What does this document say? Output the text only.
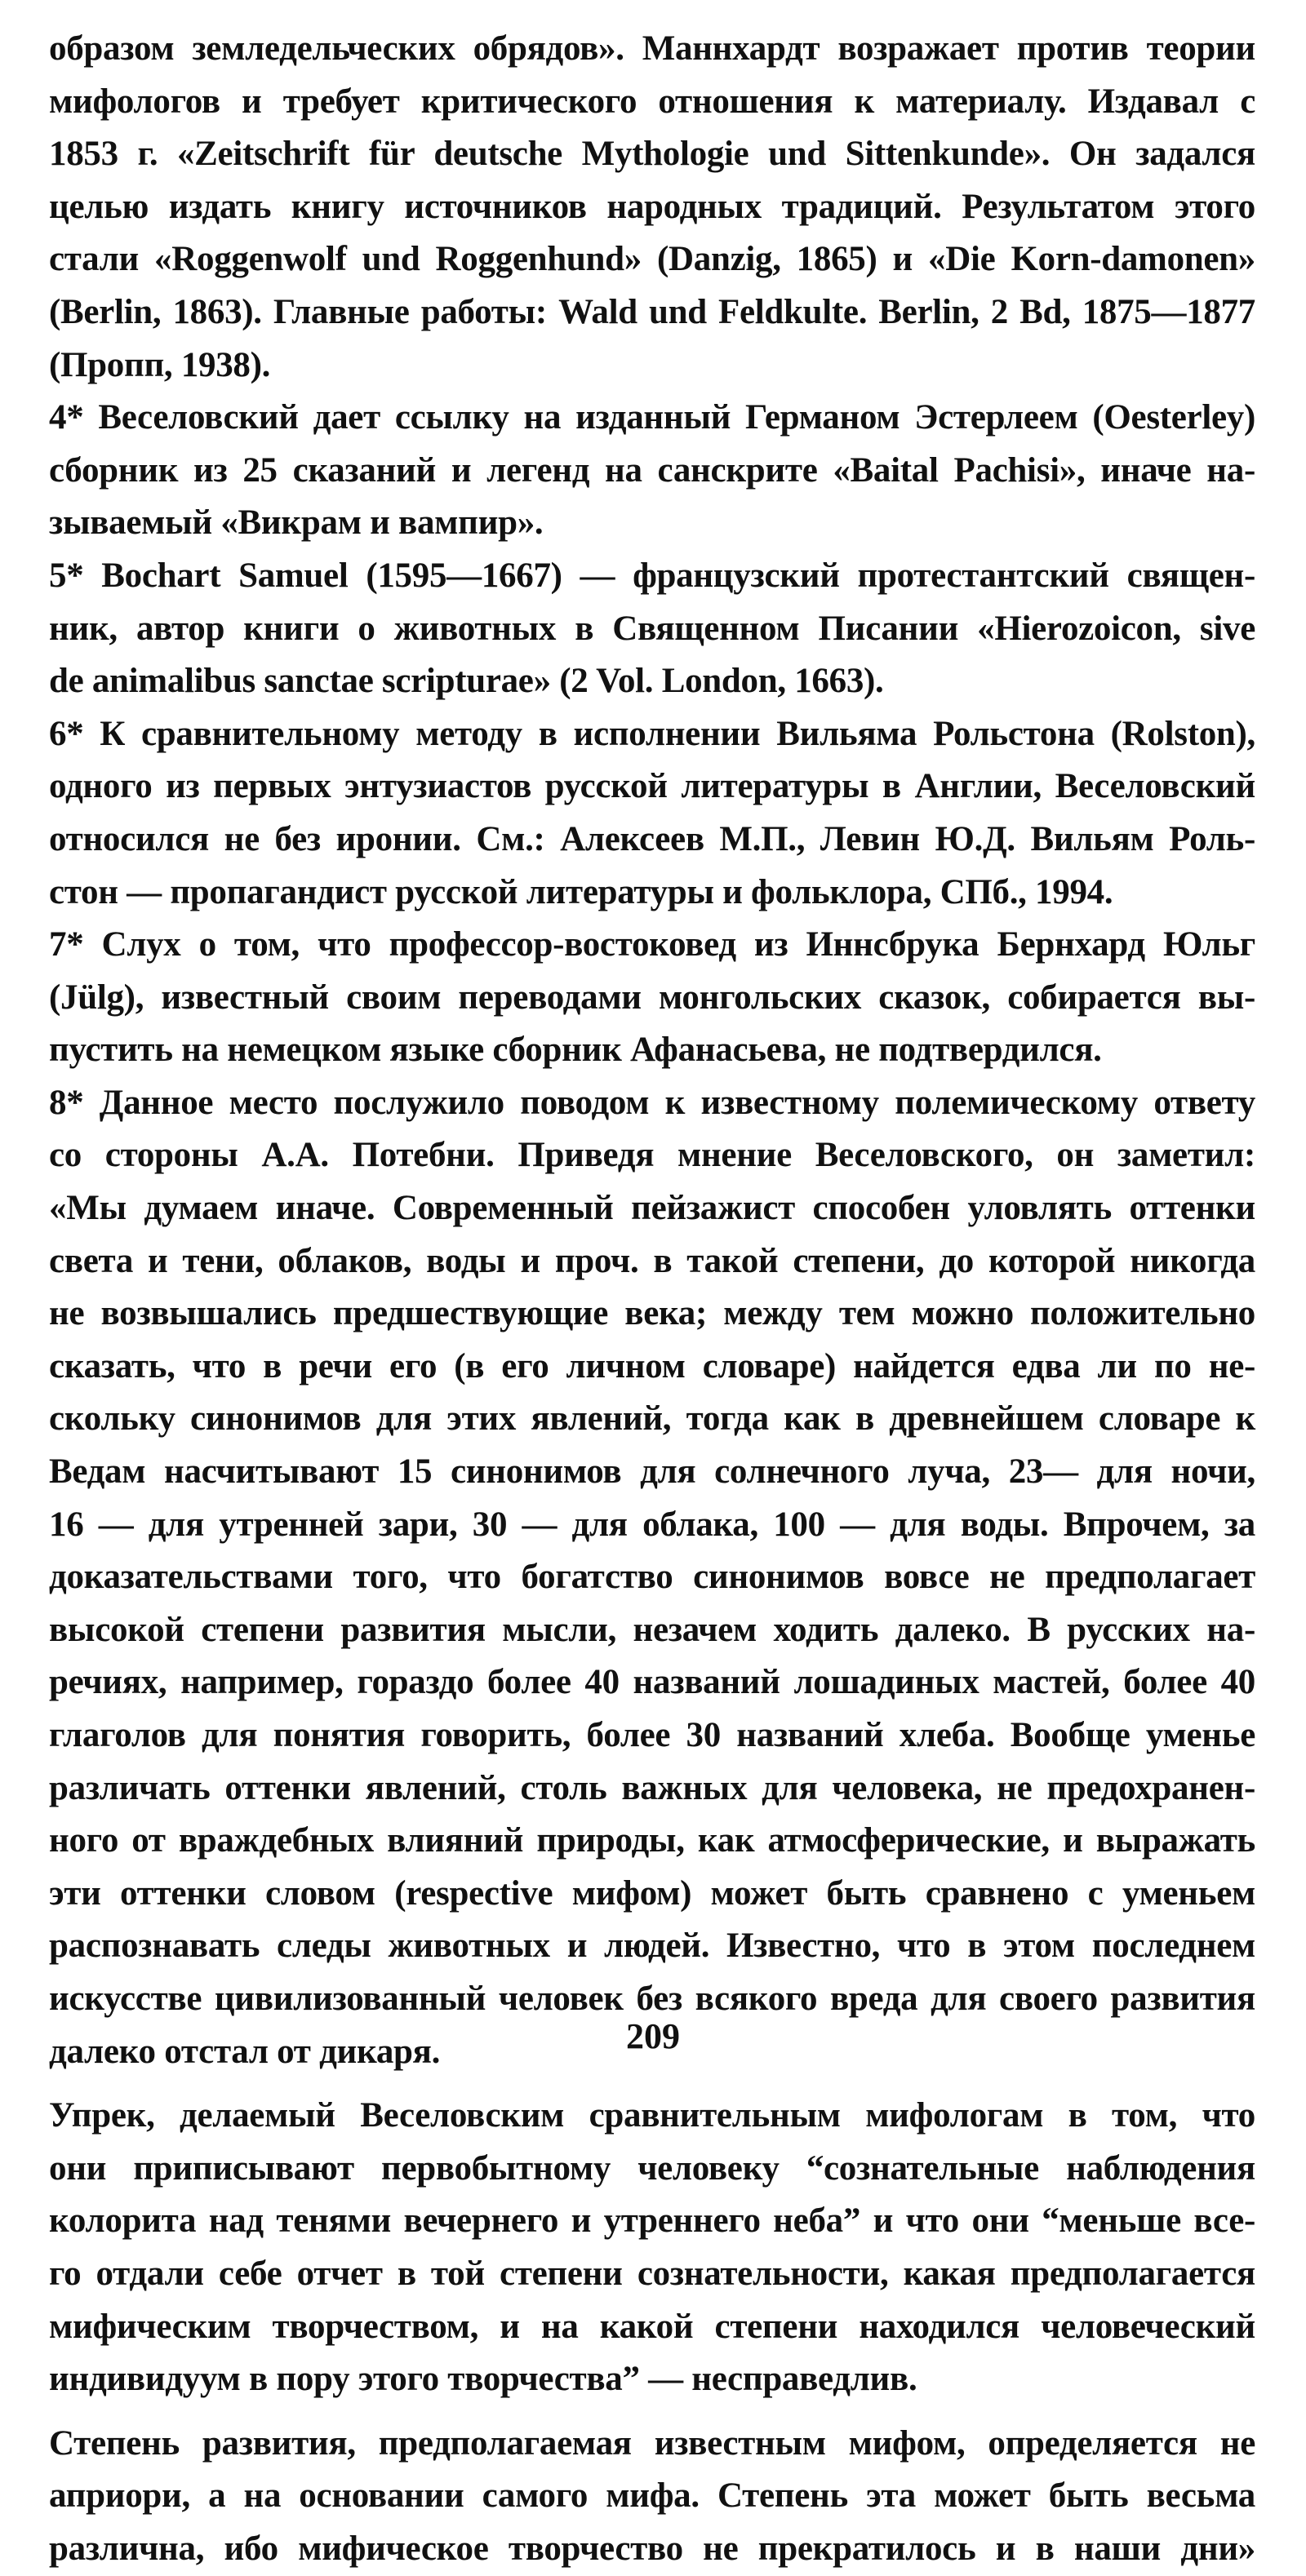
образом земледельческих обрядов». Маннхардт возражает против теории
мифологов и требует критического отношения к материалу. Издавал с
1853 г. «Zeitschrift für deutsche Mythologie und Sittenkunde». Он задался
целью издать книгу источников народных традиций. Результатом этого
стали «Roggenwolf und Roggenhund» (Danzig, 1865) и «Die Korn-damonen»
(Berlin, 1863). Главные работы: Wald und Feldkulte. Berlin, 2 Bd, 1875—1877
(Пропп, 1938).
4* Веселовский дает ссылку на изданный Германом Эстерлеем (Oesterley)
сборник из 25 сказаний и легенд на санскрите «Baital Pachisi», иначе на-
зываемый «Викрам и вампир».
5* Bochart Samuel (1595—1667) — французский протестантский священ-
ник, автор книги о животных в Священном Писании «Hierozoicon, sive
de animalibus sanctae scripturae» (2 Vol. London, 1663).
6* К сравнительному методу в исполнении Вильяма Рольстона (Rolston),
одного из первых энтузиастов русской литературы в Англии, Веселовский
относился не без иронии. См.: Алексеев М.П., Левин Ю.Д. Вильям Роль-
стон — пропагандист русской литературы и фольклора, СПб., 1994.
7* Слух о том, что профессор-востоковед из Иннсбрука Бернхард Юльг
(Jülg), известный своим переводами монгольских сказок, собирается вы-
пустить на немецком языке сборник Афанасьева, не подтвердился.
8* Данное место послужило поводом к известному полемическому ответу
со стороны А.А. Потебни. Приведя мнение Веселовского, он заметил:
«Мы думаем иначе. Современный пейзажист способен уловлять оттенки
света и тени, облаков, воды и проч. в такой степени, до которой никогда
не возвышались предшествующие века; между тем можно положительно
сказать, что в речи его (в его личном словаре) найдется едва ли по не-
скольку синонимов для этих явлений, тогда как в древнейшем словаре к
Ведам насчитывают 15 синонимов для солнечного луча, 23— для ночи,
16 — для утренней зари, 30 — для облака, 100 — для воды. Впрочем, за
доказательствами того, что богатство синонимов вовсе не предполагает
высокой степени развития мысли, незачем ходить далеко. В русских на-
речиях, например, гораздо более 40 названий лошадиных мастей, более 40
глаголов для понятия говорить, более 30 названий хлеба. Вообще уменье
различать оттенки явлений, столь важных для человека, не предохранен-
ного от враждебных влияний природы, как атмосферические, и выражать
эти оттенки словом (respective мифом) может быть сравнено с уменьем
распознавать следы животных и людей. Известно, что в этом последнем
искусстве цивилизованный человек без всякого вреда для своего развития
далеко отстал от дикаря.
Упрек, делаемый Веселовским сравнительным мифологам в том, что
они приписывают первобытному человеку “сознательные наблюдения
колорита над тенями вечернего и утреннего неба” и что они “меньше все-
го отдали себе отчет в той степени сознательности, какая предполагается
мифическим творчеством, и на какой степени находился человеческий
индивидуум в пору этого творчества” — несправедлив.
Степень развития, предполагаемая известным мифом, определяется не
априори, а на основании самого мифа. Степень эта может быть весьма
различна, ибо мифическое творчество не прекратилось и в наши дни»
209
